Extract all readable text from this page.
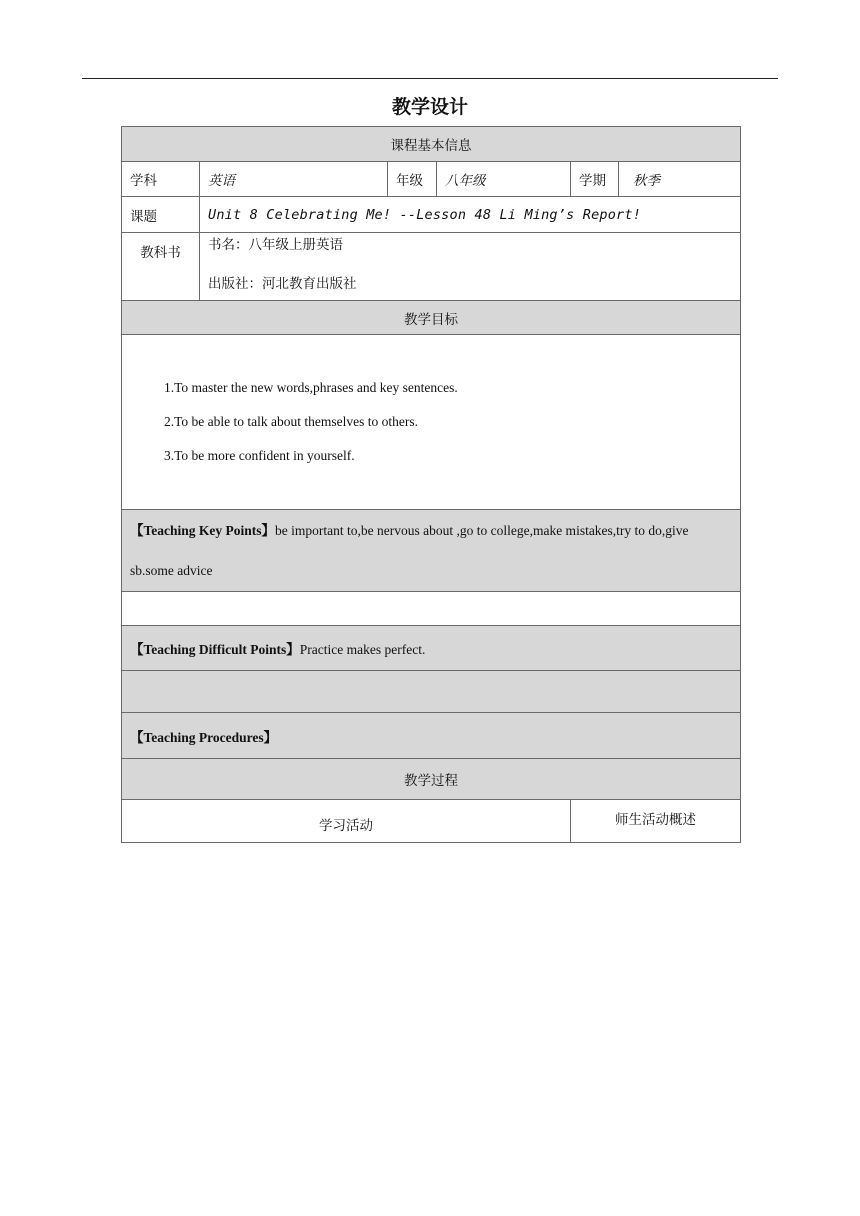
教学设计
课程基本信息					
学科	英语	年级	八年级	学期	秋季
课题	Unit 8 Celebrating Me! --Lesson 48 Li Ming’s Report!				
教科书	书名：八年级上册英语
出版社：河北教育出版社				

教学目标					

1.To master the new words,phrases and key sentences.
2.To be able to talk about themselves to others.
3.To be more confident in yourself.					

【Teaching Key Points】be important to,be nervous about ,go to college,make mistakes,try to do,give sb.some advice					

【Teaching Difficult Points】Practice makes perfect.					

【Teaching Procedures】					
教学过程					
学习活动				师生活动概述	
